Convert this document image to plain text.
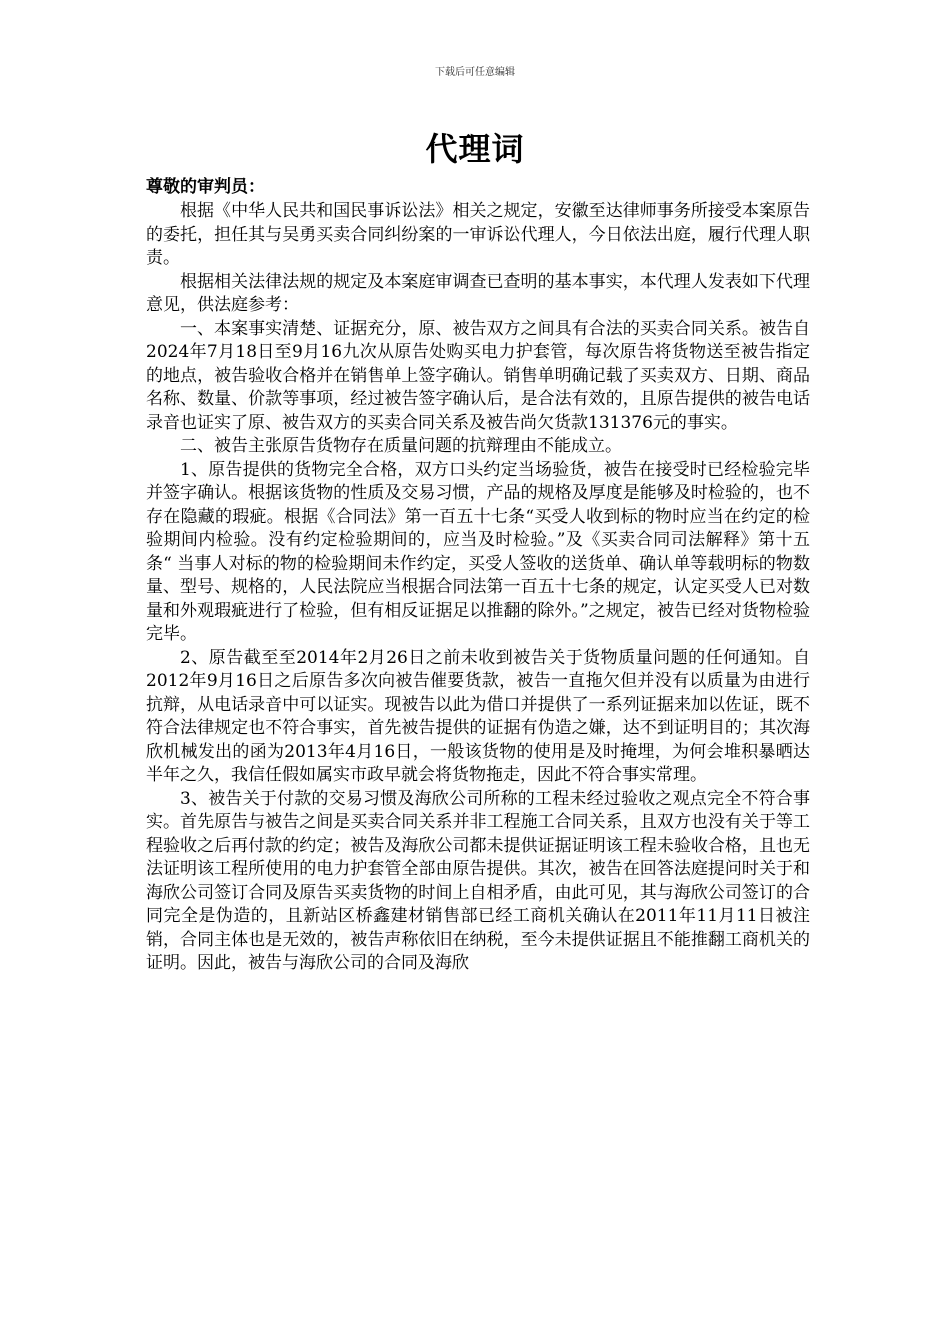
下载后可任意编辑
代理词

尊敬的审判员：

根据《中华人民共和国民事诉讼法》相关之规定，安徽至达律师事务所接受本案原告的委托，担任其与吴勇买卖合同纠纷案的一审诉讼代理人，今日依法出庭，履行代理人职责。

根据相关法律法规的规定及本案庭审调查已查明的基本事实，本代理人发表如下代理意见，供法庭参考：

一、本案事实清楚、证据充分，原、被告双方之间具有合法的买卖合同关系。被告自2024年7月18日至9月16九次从原告处购买电力护套管，每次原告将货物送至被告指定的地点，被告验收合格并在销售单上签字确认。销售单明确记载了买卖双方、日期、商品名称、数量、价款等事项，经过被告签字确认后，是合法有效的，且原告提供的被告电话录音也证实了原、被告双方的买卖合同关系及被告尚欠货款131376元的事实。

二、被告主张原告货物存在质量问题的抗辩理由不能成立。

1、原告提供的货物完全合格，双方口头约定当场验货，被告在接受时已经检验完毕并签字确认。根据该货物的性质及交易习惯，产品的规格及厚度是能够及时检验的，也不存在隐藏的瑕疵。根据《合同法》第一百五十七条“买受人收到标的物时应当在约定的检验期间内检验。没有约定检验期间的，应当及时检验。”及《买卖合同司法解释》第十五条“ 当事人对标的物的检验期间未作约定，买受人签收的送货单、确认单等载明标的物数量、型号、规格的，人民法院应当根据合同法第一百五十七条的规定，认定买受人已对数量和外观瑕疵进行了检验，但有相反证据足以推翻的除外。”之规定，被告已经对货物检验完毕。

2、原告截至至2014年2月26日之前未收到被告关于货物质量问题的任何通知。自2012年9月16日之后原告多次向被告催要货款，被告一直拖欠但并没有以质量为由进行抗辩，从电话录音中可以证实。现被告以此为借口并提供了一系列证据来加以佐证，既不符合法律规定也不符合事实，首先被告提供的证据有伪造之嫌，达不到证明目的；其次海欣机械发出的函为2013年4月16日，一般该货物的使用是及时掩埋，为何会堆积暴晒达半年之久，我信任假如属实市政早就会将货物拖走，因此不符合事实常理。

3、被告关于付款的交易习惯及海欣公司所称的工程未经过验收之观点完全不符合事实。首先原告与被告之间是买卖合同关系并非工程施工合同关系，且双方也没有关于等工程验收之后再付款的约定；被告及海欣公司都未提供证据证明该工程未验收合格，且也无法证明该工程所使用的电力护套管全部由原告提供。其次，被告在回答法庭提问时关于和海欣公司签订合同及原告买卖货物的时间上自相矛盾，由此可见，其与海欣公司签订的合同完全是伪造的，且新站区桥鑫建材销售部已经工商机关确认在2011年11月11日被注销，合同主体也是无效的，被告声称依旧在纳税，至今未提供证据且不能推翻工商机关的证明。因此，被告与海欣公司的合同及海欣
